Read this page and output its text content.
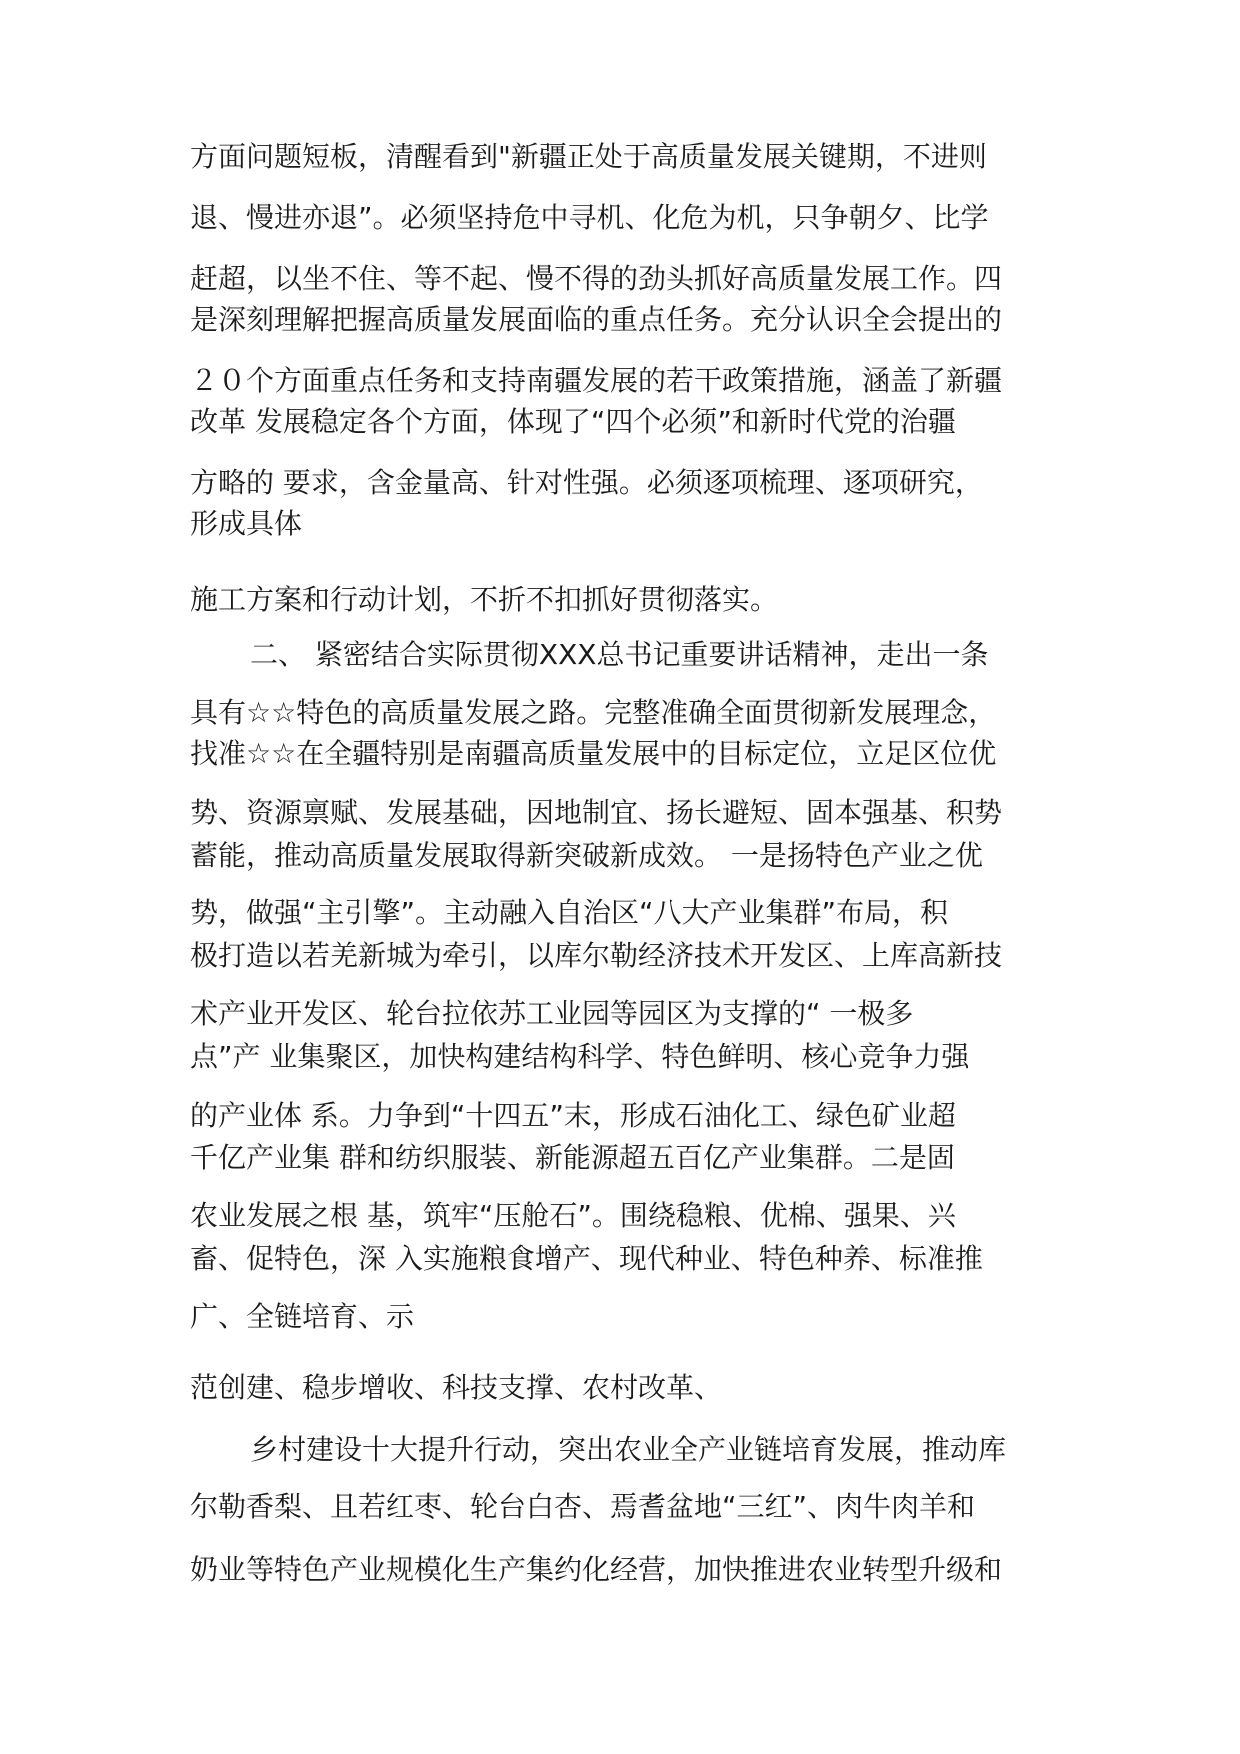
方面问题短板，清醒看到"新疆正处于高质量发展关键期，不进则
退、慢进亦退”。必须坚持危中寻机、化危为机，只争朝夕、比学
赶超，以坐不住、等不起、慢不得的劲头抓好高质量发展工作。四
是深刻理解把握高质量发展面临的重点任务。充分认识全会提出的
２０个方面重点任务和支持南疆发展的若干政策措施，涵盖了新疆
改革 发展稳定各个方面，体现了“四个必须”和新时代党的治疆
方略的 要求，含金量高、针对性强。必须逐项梳理、逐项研究，
形成具体
施工方案和行动计划，不折不扣抓好贯彻落实。
二、 紧密结合实际贯彻XXX总书记重要讲话精神，走出一条
具有☆☆特色的高质量发展之路。完整准确全面贯彻新发展理念，
找准☆☆在全疆特别是南疆高质量发展中的目标定位，立足区位优
势、资源禀赋、发展基础，因地制宜、扬长避短、固本强基、积势
蓄能，推动高质量发展取得新突破新成效。 一是扬特色产业之优
势，做强“主引擎”。主动融入自治区“八大产业集群”布局，积
极打造以若羌新城为牵引，以库尔勒经济技术开发区、上库高新技
术产业开发区、轮台拉依苏工业园等园区为支撑的“ 一极多
点”产 业集聚区，加快构建结构科学、特色鲜明、核心竞争力强
的产业体 系。力争到“十四五”末，形成石油化工、绿色矿业超
千亿产业集 群和纺织服装、新能源超五百亿产业集群。二是固
农业发展之根 基，筑牢“压舱石”。围绕稳粮、优棉、强果、兴
畜、促特色，深 入实施粮食增产、现代种业、特色种养、标准推
广、全链培育、示
范创建、稳步增收、科技支撑、农村改革、
乡村建设十大提升行动，突出农业全产业链培育发展，推动库
尔勒香梨、且若红枣、轮台白杏、焉耆盆地“三红”、肉牛肉羊和
奶业等特色产业规模化生产集约化经营，加快推进农业转型升级和
